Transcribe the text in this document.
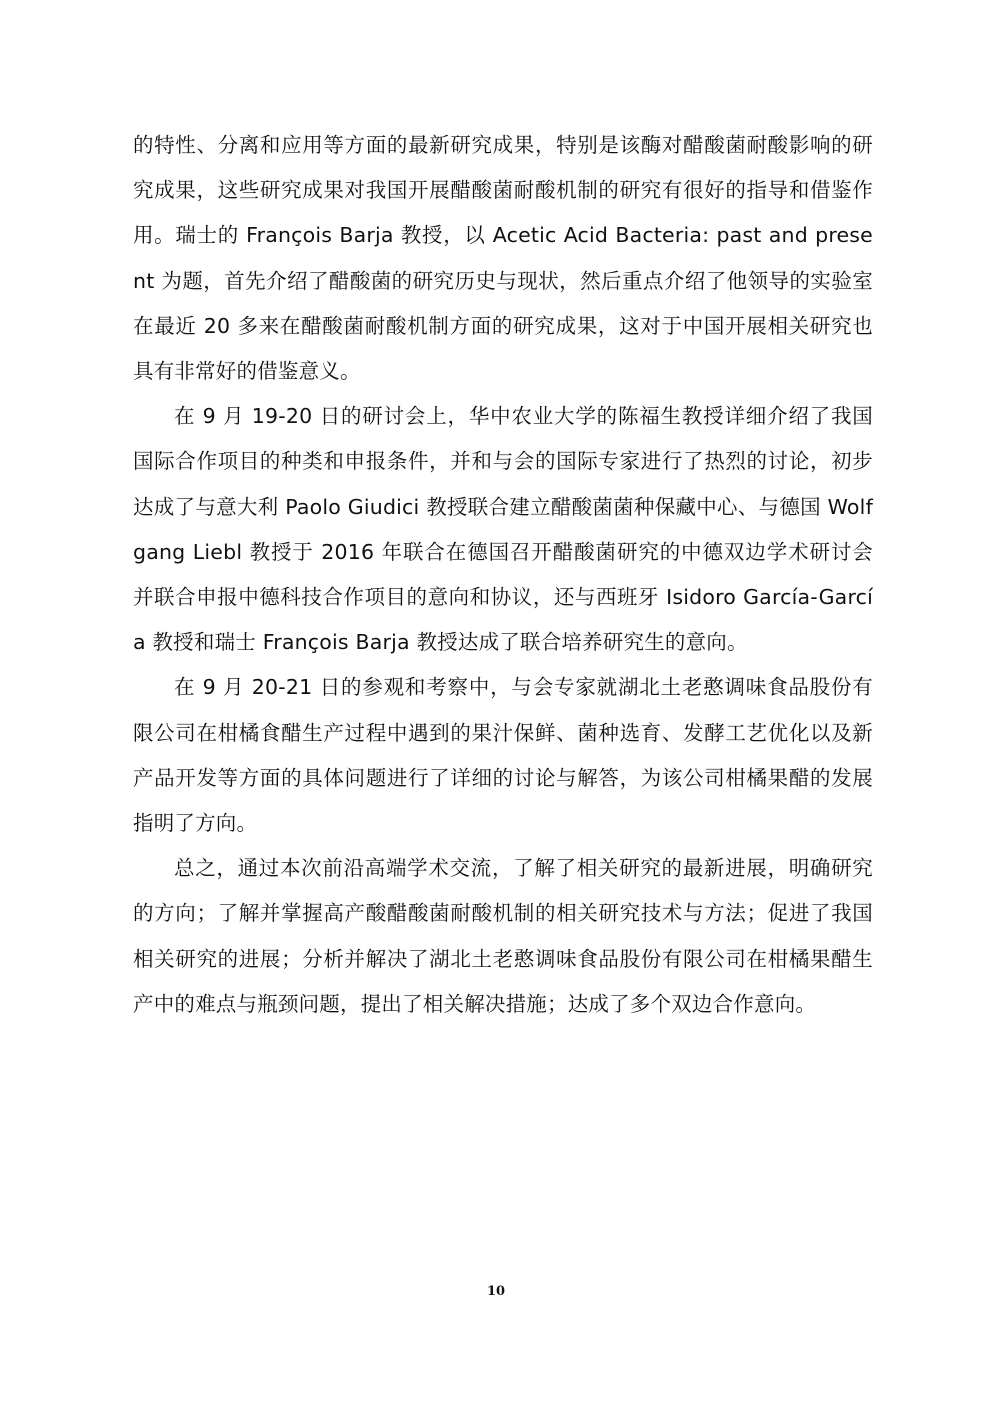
的特性、分离和应用等方面的最新研究成果，特别是该酶对醋酸菌耐酸影响的研究成果，这些研究成果对我国开展醋酸菌耐酸机制的研究有很好的指导和借鉴作用。瑞士的 François Barja 教授，以 Acetic Acid Bacteria: past and present 为题，首先介绍了醋酸菌的研究历史与现状，然后重点介绍了他领导的实验室在最近 20 多来在醋酸菌耐酸机制方面的研究成果，这对于中国开展相关研究也具有非常好的借鉴意义。

在 9 月 19-20 日的研讨会上，华中农业大学的陈福生教授详细介绍了我国国际合作项目的种类和申报条件，并和与会的国际专家进行了热烈的讨论，初步达成了与意大利 Paolo Giudici 教授联合建立醋酸菌菌种保藏中心、与德国 Wolfgang Liebl 教授于 2016 年联合在德国召开醋酸菌研究的中德双边学术研讨会并联合申报中德科技合作项目的意向和协议，还与西班牙 Isidoro García-García 教授和瑞士 François Barja 教授达成了联合培养研究生的意向。

在 9 月 20-21 日的参观和考察中，与会专家就湖北土老憨调味食品股份有限公司在柑橘食醋生产过程中遇到的果汁保鲜、菌种选育、发酵工艺优化以及新产品开发等方面的具体问题进行了详细的讨论与解答，为该公司柑橘果醋的发展指明了方向。

总之，通过本次前沿高端学术交流，了解了相关研究的最新进展，明确研究的方向；了解并掌握高产酸醋酸菌耐酸机制的相关研究技术与方法；促进了我国相关研究的进展；分析并解决了湖北土老憨调味食品股份有限公司在柑橘果醋生产中的难点与瓶颈问题，提出了相关解决措施；达成了多个双边合作意向。

10
